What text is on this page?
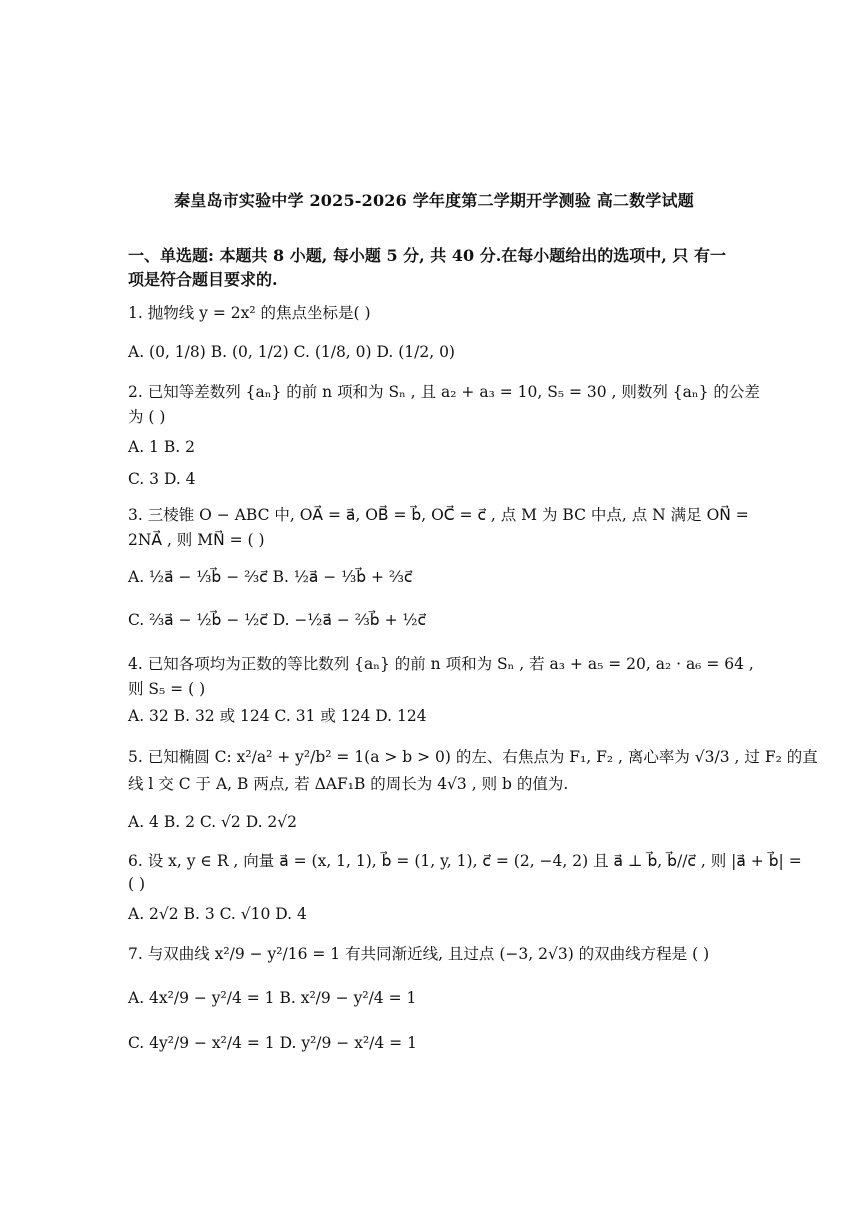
秦皇岛市实验中学 2025-2026 学年度第二学期开学测验 高二数学试题
一、单选题: 本题共 8 小题, 每小题 5 分, 共 40 分.在每小题给出的选项中, 只 有一
项是符合题目要求的.
1. 抛物线 y = 2x² 的焦点坐标是( )
A. (0, 1/8) B. (0, 1/2) C. (1/8, 0) D. (1/2, 0)
2. 已知等差数列 {aₙ} 的前 n 项和为 Sₙ , 且 a₂ + a₃ = 10, S₅ = 30 , 则数列 {aₙ} 的公差
为 ( )
A. 1 B. 2
C. 3 D. 4
3. 三棱锥 O − ABC 中, OA⃗ = a⃗, OB⃗ = b⃗, OC⃗ = c⃗ , 点 M 为 BC 中点, 点 N 满足 ON⃗ =
2NA⃗ , 则 MN⃗ = ( )
A. ½a⃗ − ⅓b⃗ − ⅔c⃗ B. ½a⃗ − ⅓b⃗ + ⅔c⃗
C. ⅔a⃗ − ½b⃗ − ½c⃗ D. −½a⃗ − ⅔b⃗ + ½c⃗
4. 已知各项均为正数的等比数列 {aₙ} 的前 n 项和为 Sₙ , 若 a₃ + a₅ = 20, a₂ · a₆ = 64 ,
则 S₅ = ( )
A. 32 B. 32 或 124 C. 31 或 124 D. 124
5. 已知椭圆 C: x²/a² + y²/b² = 1(a > b > 0) 的左、右焦点为 F₁, F₂ , 离心率为 √3/3 , 过 F₂ 的直
线 l 交 C 于 A, B 两点, 若 ΔAF₁B 的周长为 4√3 , 则 b 的值为.
A. 4 B. 2 C. √2 D. 2√2
6. 设 x, y ∈ R , 向量 a⃗ = (x, 1, 1), b⃗ = (1, y, 1), c⃗ = (2, −4, 2) 且 a⃗ ⊥ b⃗, b⃗//c⃗ , 则 |a⃗ + b⃗| =
( )
A. 2√2 B. 3 C. √10 D. 4
7. 与双曲线 x²/9 − y²/16 = 1 有共同渐近线, 且过点 (−3, 2√3) 的双曲线方程是 ( )
A. 4x²/9 − y²/4 = 1 B. x²/9 − y²/4 = 1
C. 4y²/9 − x²/4 = 1 D. y²/9 − x²/4 = 1
